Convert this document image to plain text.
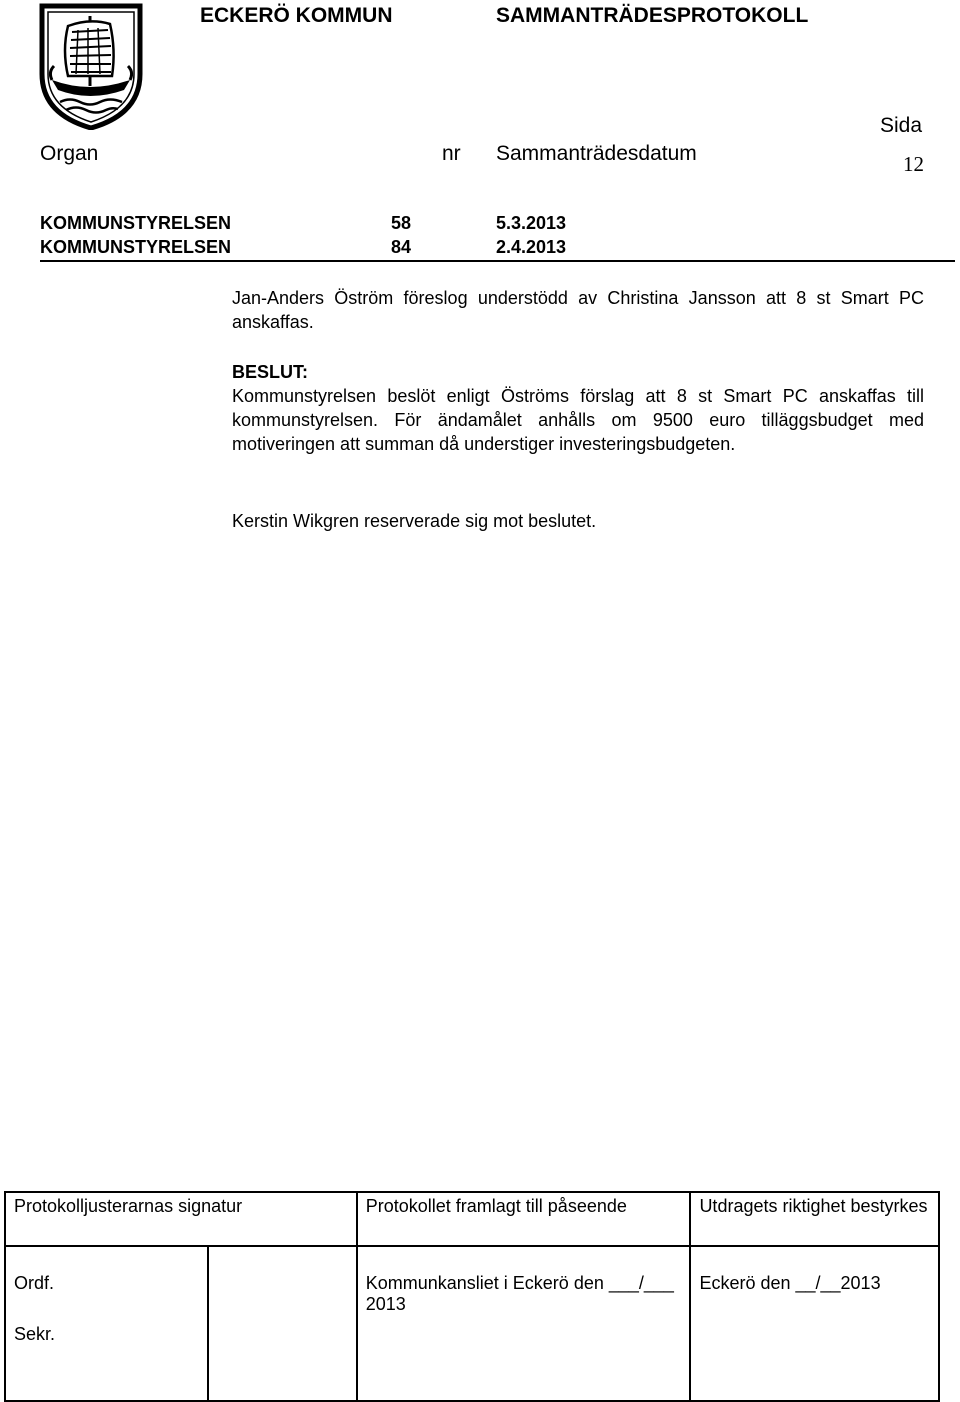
ECKERÖ KOMMUN	SAMMANTRÄDESPROTOKOLL
Organ	nr Sammanträdesdatum
Sida
12
KOMMUNSTYRELSEN	58	5.3.2013
KOMMUNSTYRELSEN	84	2.4.2013
Jan-Anders Öström föreslog understödd av Christina Jansson att 8 st Smart PC anskaffas.
BESLUT:
Kommunstyrelsen beslöt enligt Öströms förslag att 8 st Smart PC anskaffas till kommunstyrelsen. För ändamålet anhålls om 9500 euro tilläggsbudget med motiveringen att summan då understiger investeringsbudgeten.
Kerstin Wikgren reserverade sig mot beslutet.
Protokolljusterarnas signatur		Protokollet framlagt till påseende	Utdragets riktighet bestyrkes
Ordf.
Sekr.		Kommunkansliet i Eckerö den ___/___ 2013	Eckerö den __/__2013
